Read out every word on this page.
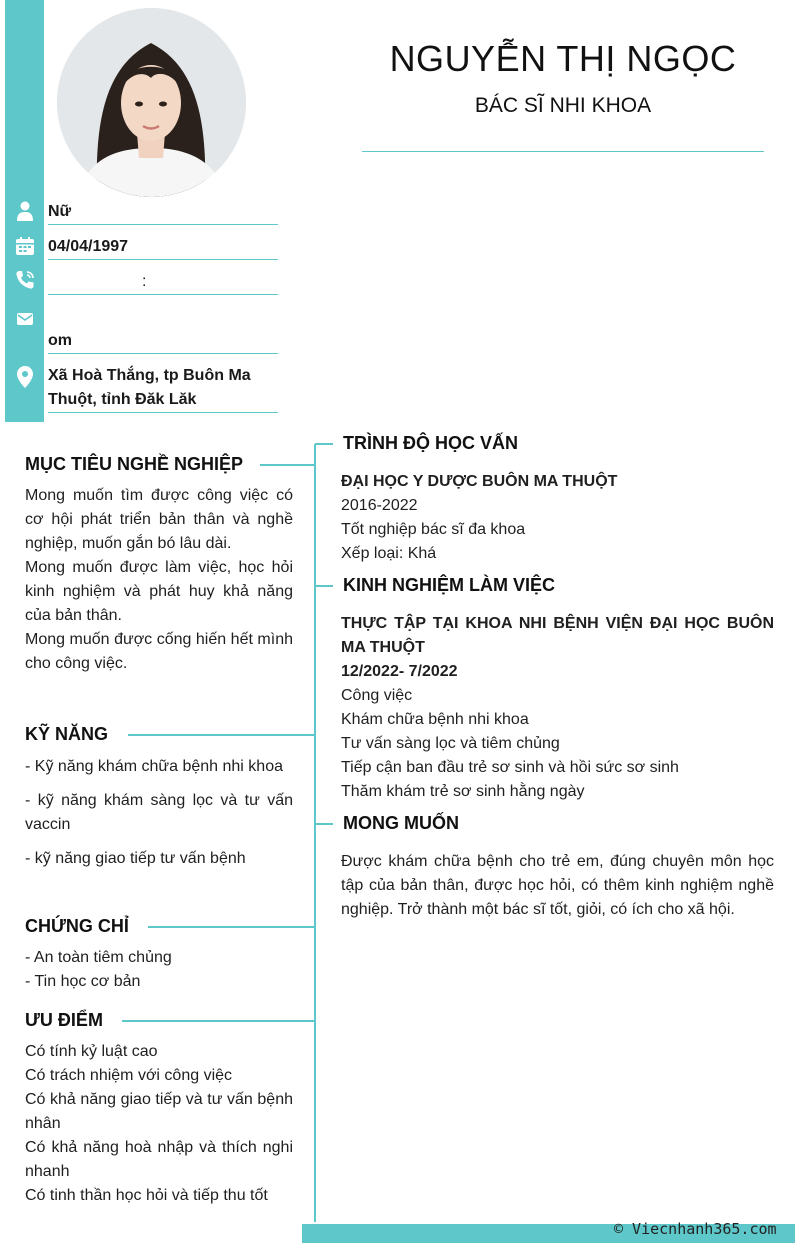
Nữ
04/04/1997
:
om
Xã Hoà Thắng, tp Buôn Ma
Thuột, tỉnh Đăk Lăk
NGUYỄN THỊ NGỌC
BÁC SĨ NHI KHOA
MỤC TIÊU NGHỀ NGHIỆP

Mong muốn tìm được công việc có cơ hội phát triển bản thân và nghề nghiệp, muốn gắn bó lâu dài.

Mong muốn được làm việc, học hỏi kinh nghiệm và phát huy khả năng của bản thân.

Mong muốn được cống hiến hết mình cho công việc.

KỸ NĂNG

- Kỹ năng khám chữa bệnh nhi khoa

- kỹ năng khám sàng lọc và tư vấn vaccin

- kỹ năng giao tiếp tư vấn bệnh

CHỨNG CHỈ
- An toàn tiêm chủng
- Tin học cơ bản
ƯU ĐIỂM

Có tính kỷ luật cao

Có trách nhiệm với công việc

Có khả năng giao tiếp và tư vấn bệnh nhân

Có khả năng hoà nhập và thích nghi nhanh

Có tinh thần học hỏi và tiếp thu tốt

TRÌNH ĐỘ HỌC VẤN
ĐẠI HỌC Y DƯỢC BUÔN MA THUỘT
2016-2022
Tốt nghiệp bác sĩ đa khoa
Xếp loại: Khá
KINH NGHIỆM LÀM VIỆC
THỰC TẬP TẠI KHOA NHI BỆNH VIỆN ĐẠI HỌC BUÔN MA THUỘT
12/2022- 7/2022
Công việc
Khám chữa bệnh nhi khoa
Tư vấn sàng lọc và tiêm chủng
Tiếp cận ban đầu trẻ sơ sinh và hồi sức sơ sinh
Thăm khám trẻ sơ sinh hằng ngày
MONG MUỐN
Được khám chữa bệnh cho trẻ em, đúng chuyên môn học tập của bản thân, được học hỏi, có thêm kinh nghiệm nghề nghiệp. Trở thành một bác sĩ tốt, giỏi, có ích cho xã hội.
© Viecnhanh365.com
